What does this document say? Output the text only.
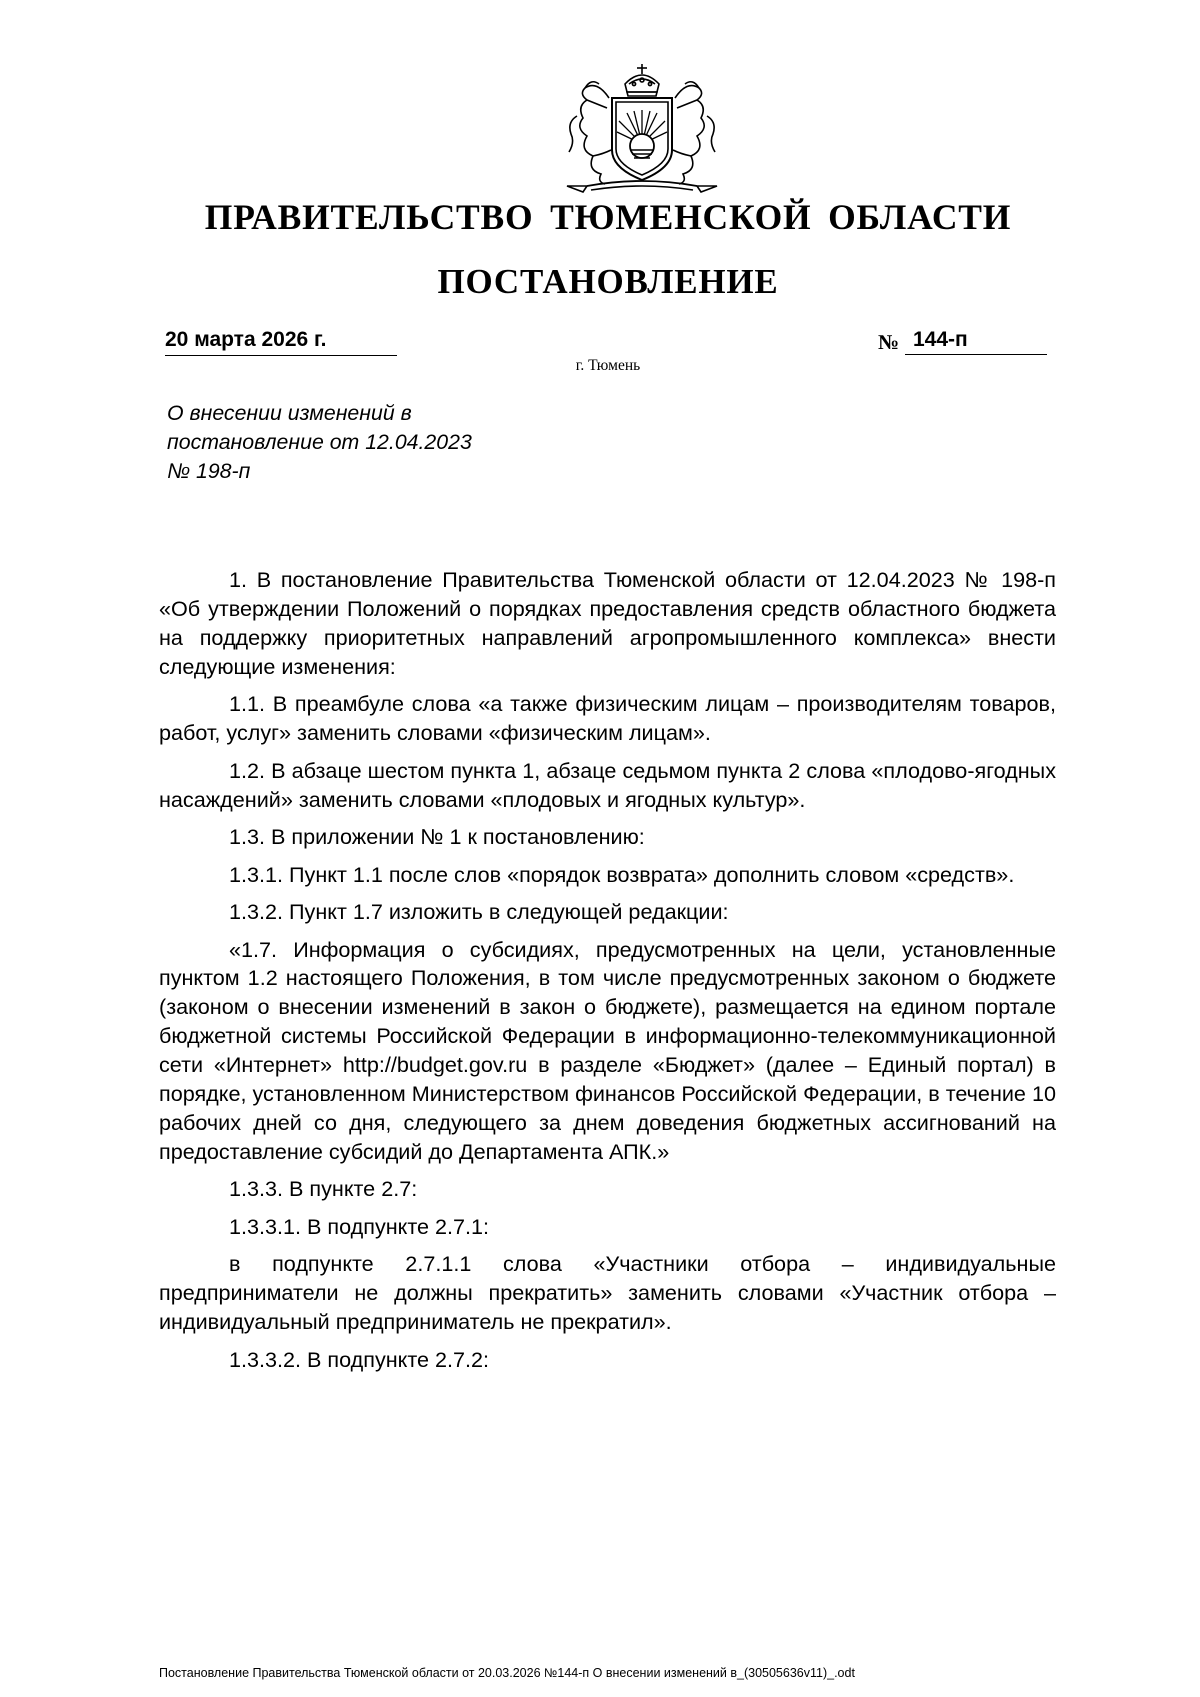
ПРАВИТЕЛЬСТВО ТЮМЕНСКОЙ ОБЛАСТИ
ПОСТАНОВЛЕНИЕ
20 марта 2026 г.	№ 144-п
г. Тюмень
О внесении изменений в
постановление от 12.04.2023
№ 198-п

1. В постановление Правительства Тюменской области от 12.04.2023 № 198-п «Об утверждении Положений о порядках предоставления средств областного бюджета на поддержку приоритетных направлений агропромышленного комплекса» внести следующие изменения:

1.1. В преамбуле слова «а также физическим лицам – производителям товаров, работ, услуг» заменить словами «физическим лицам».

1.2. В абзаце шестом пункта 1, абзаце седьмом пункта 2 слова «плодово-ягодных насаждений» заменить словами «плодовых и ягодных культур».

1.3. В приложении № 1 к постановлению:

1.3.1. Пункт 1.1 после слов «порядок возврата» дополнить словом «средств».

1.3.2. Пункт 1.7 изложить в следующей редакции:

«1.7. Информация о субсидиях, предусмотренных на цели, установленные пунктом 1.2 настоящего Положения, в том числе предусмотренных законом о бюджете (законом о внесении изменений в закон о бюджете), размещается на едином портале бюджетной системы Российской Федерации в информационно-телекоммуникационной сети «Интернет» http://budget.gov.ru в разделе «Бюджет» (далее – Единый портал) в порядке, установленном Министерством финансов Российской Федерации, в течение 10 рабочих дней со дня, следующего за днем доведения бюджетных ассигнований на предоставление субсидий до Департамента АПК.»

1.3.3. В пункте 2.7:

1.3.3.1. В подпункте 2.7.1:

в подпункте 2.7.1.1 слова «Участники отбора – индивидуальные предприниматели не должны прекратить» заменить словами «Участник отбора – индивидуальный предприниматель не прекратил».

1.3.3.2. В подпункте 2.7.2:

Постановление Правительства Тюменской области от 20.03.2026 №144-п О внесении изменений в_(30505636v11)_.odt
